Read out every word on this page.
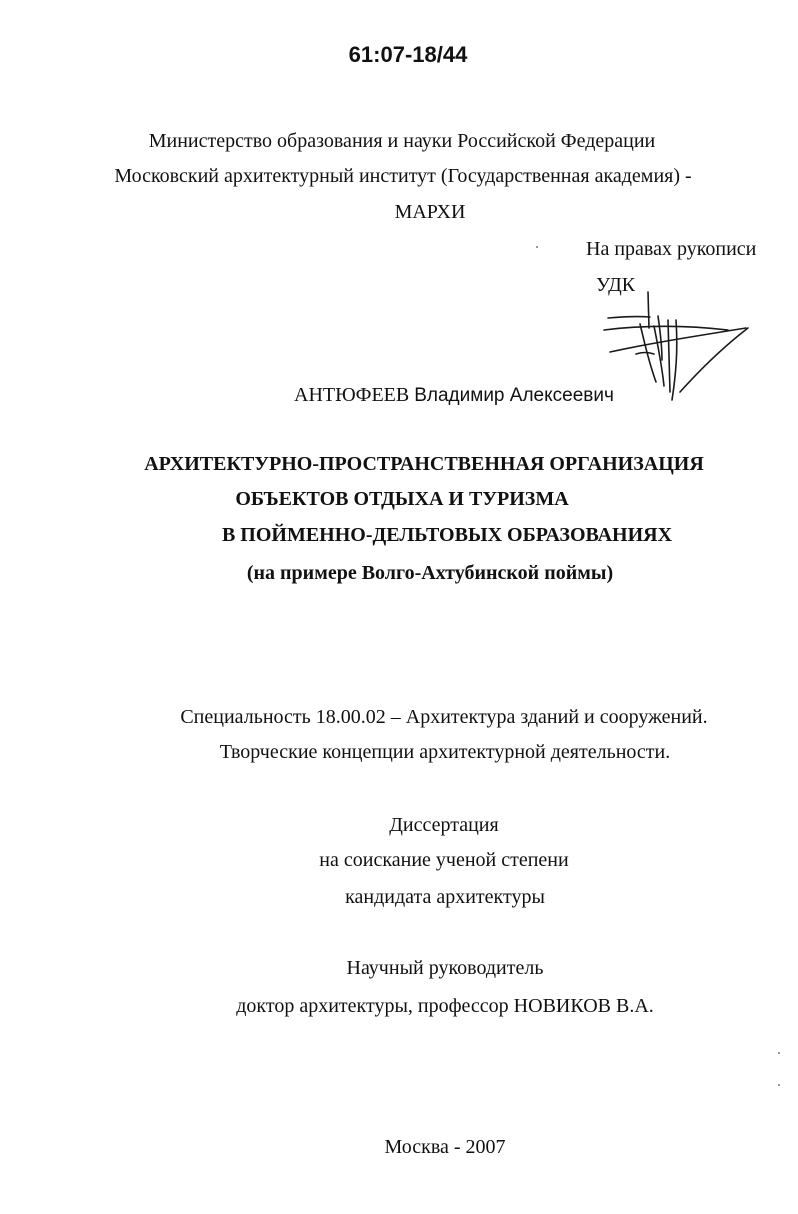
61:07-18/44
Министерство образования и науки Российской Федерации
Московский архитектурный институт (Государственная академия) -
МАРХИ
На правах рукописи
УДК
АНТЮФЕЕВ Владимир Алексеевич
АРХИТЕКТУРНО-ПРОСТРАНСТВЕННАЯ ОРГАНИЗАЦИЯ
ОБЪЕКТОВ ОТДЫХА И ТУРИЗМА
В ПОЙМЕННО-ДЕЛЬТОВЫХ ОБРАЗОВАНИЯХ
(на примере Волго-Ахтубинской поймы)
Специальность 18.00.02 – Архитектура зданий и сооружений.
Творческие концепции архитектурной деятельности.
Диссертация
на соискание ученой степени
кандидата архитектуры
Научный руководитель
доктор архитектуры, профессор НОВИКОВ В.А.
Москва - 2007
